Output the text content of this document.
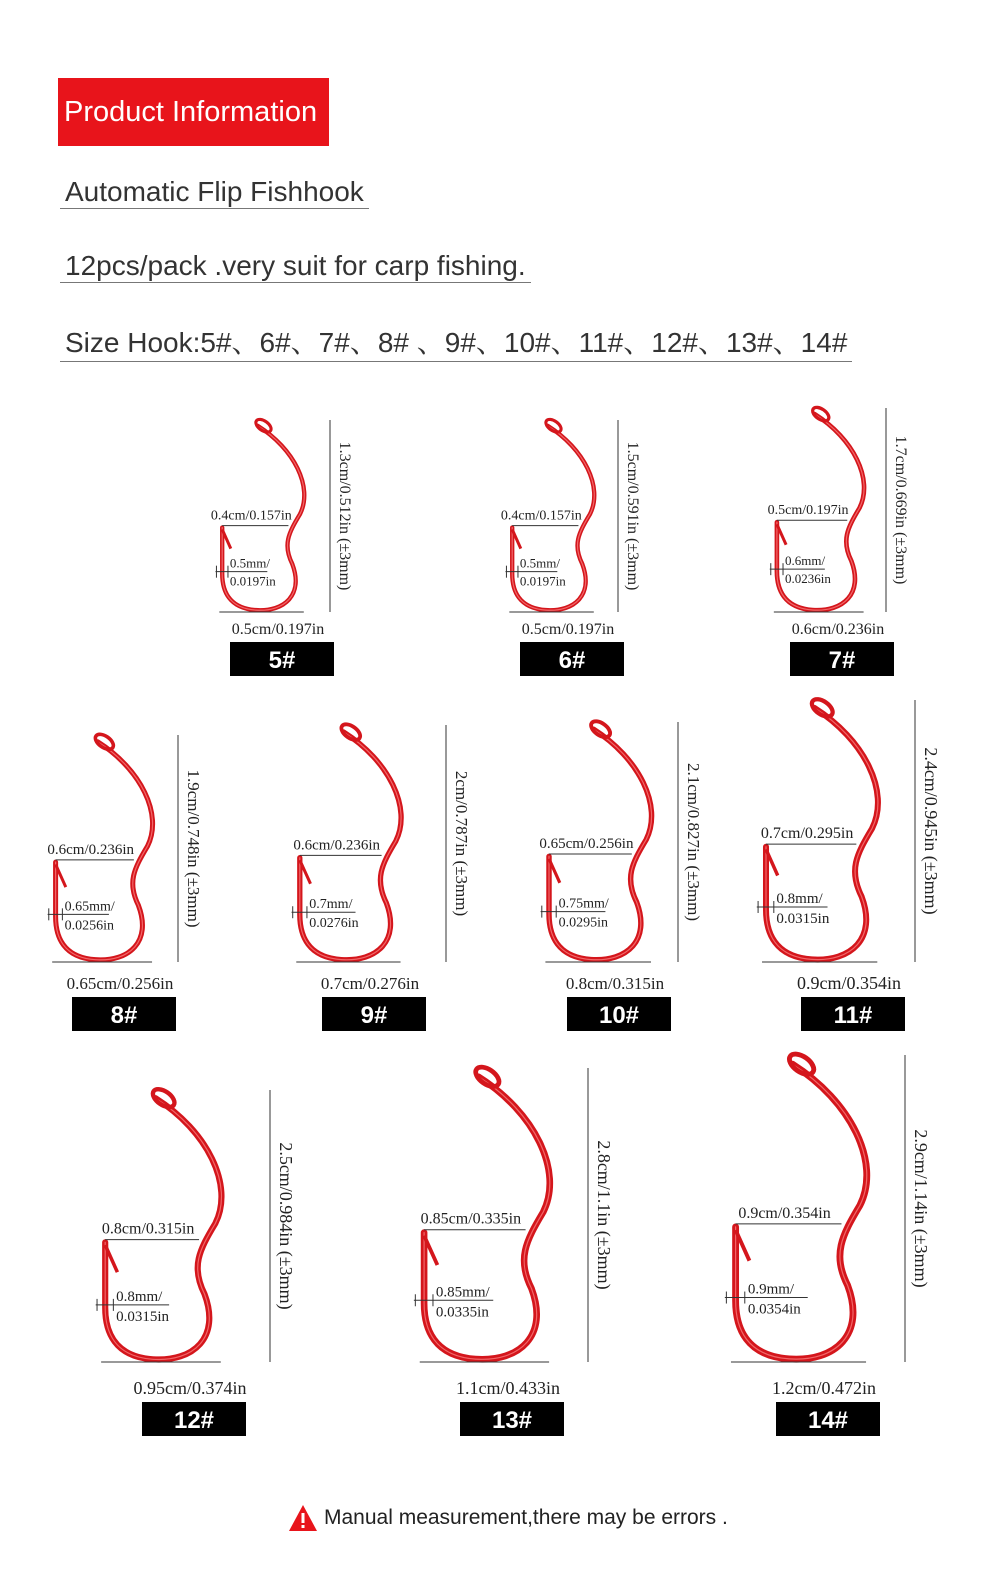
Product Information
Automatic Flip Fishhook
12pcs/pack .very suit for carp fishing.
Size Hook:5#、6#、7#、8# 、9#、10#、11#、12#、13#、14#
1.3cm/0.512in (±3mm)
0.4cm/0.157in
0.5mm/
0.0197in
0.5cm/0.197in
5#
1.5cm/0.591in (±3mm)
0.4cm/0.157in
0.5mm/
0.0197in
0.5cm/0.197in
6#
1.7cm/0.669in (±3mm)
0.5cm/0.197in
0.6mm/
0.0236in
0.6cm/0.236in
7#
1.9cm/0.748in (±3mm)
0.6cm/0.236in
0.65mm/
0.0256in
0.65cm/0.256in
8#
2cm/0.787in (±3mm)
0.6cm/0.236in
0.7mm/
0.0276in
0.7cm/0.276in
9#
2.1cm/0.827in (±3mm)
0.65cm/0.256in
0.75mm/
0.0295in
0.8cm/0.315in
10#
2.4cm/0.945in (±3mm)
0.7cm/0.295in
0.8mm/
0.0315in
0.9cm/0.354in
11#
2.5cm/0.984in (±3mm)
0.8cm/0.315in
0.8mm/
0.0315in
0.95cm/0.374in
12#
2.8cm/1.1in (±3mm)
0.85cm/0.335in
0.85mm/
0.0335in
1.1cm/0.433in
13#
2.9cm/1.14in (±3mm)
0.9cm/0.354in
0.9mm/
0.0354in
1.2cm/0.472in
14#
Manual measurement,there may be errors .
